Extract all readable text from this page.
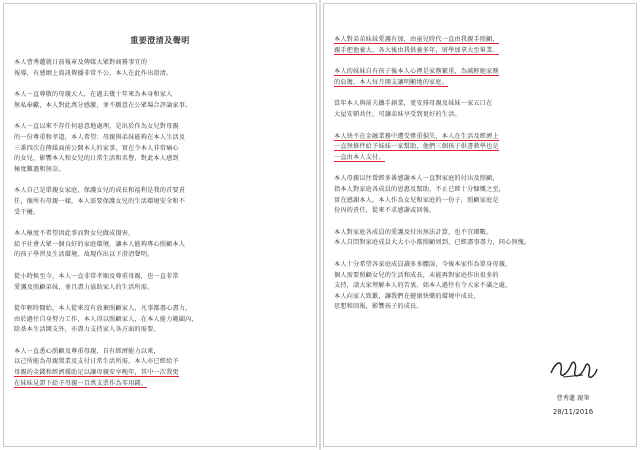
重要澄清及聲明
本人曹秀蓮就日前報章及傳媒大眾對商務事宜的
報導，有感網上資訊傳播非常不公，本人在此作出澄清。
本人一直尊敬的母親大人，在過去幾十年來為本身和家人
無私奉獻，本人對此萬分感激，並不願意在公眾場合評論家事。
本人一直以來不存任何惡意地處理，是出於作為女兒對母親
的一份尊重和孝道，本人希望：母親與弟妹能夠在本人生活及
三番四次在傳媒面前公開本人的家事，實在令本人非常痛心
的女兒，影響本人和女兒的日常生活和名譽，對此本人感到
極度難過和無奈。
本人自己是單親女家庭，保護女兒的成長和福利是我的首要責
任，像所有母親一樣，本人需要保護女兒的生活環境安全和不
受干擾。
本人極度不希望因此事而對女兒做成傷害，
給予社會大眾一個良好的家庭環境，讓本人能夠專心照顧本人
的孩子學習及生活環境，故現作出以下澄清聲明。
從小時候至今，本人一直非常孝順及尊重母親，也一直非常
愛護及照顧弟妹，並且盡力協助家人的生活所需。
從年輕時開始，本人從來沒有放棄照顧家人，凡事都盡心盡力，
由於過往自身努力工作，本人得以照顧家人，在本人能力範圍內，
除基本生活開支外，亦盡力支持家人各方面的需要。
本人一直悉心照顧及尊重母親，自有經濟能力以來，
以己所能為母親置業及支付日常生活所需，本人亦已經給予
母親的金錢和經濟援助足以讓母親安享晚年，其中一次我更
在妹妹見證下給予母親一百萬支票作為零用錢。
本人對弟弟妹妹愛護有加，由童兒時代一直由我親手照顧，
親手把他養大，各大後由我供養多年，留學加拿大至畢業。
本人的妹妹自有孩子後本人心裡是家務繁重，為減輕她家務
的負擔，本人每月開支讓明顯地的家庭。
當年本人與前夫攜手創業，更安排母親及妹妹一家五口在
大屋安頓共住，可讓弟妹享受到更好的生活。
本人快不在金融業務中遭受慘重損失，本人在生活及經濟上
一直無條件給予妹妹一家幫助，他們三個孩子供書教學也是
一直由本人支付。
本人母親以往曾經多番感謝本人一直對家庭的付出及照顧，
指本人對家庭各成員的恩惠及幫助，不止已經十分慷慨之至，
實在感謝本人。本人作為女兒和家庭的一份子，照顧家庭是
份內的責任，從來不求感謝或回報。
本人對家庭各成員的愛護及付出無法計算，也不宜細數。
本人自問對家庭成員大大小小都照顧周到，已經盡事盡力，同心無愧。
本人十分希望各家庭成員讀多多體諒，今後本家作為單身母親，
個人需要照顧女兒的生活和成長，未能再對家庭作出很多的
支持，請大家理解本人的苦衷。如本人過往有令大家不滿之處，
本人向家人致歉，讓我們在健康快樂的環境中成長，
思想和回報，影響孩子的成長。
曹秀蓮 親筆
28/11/2016
